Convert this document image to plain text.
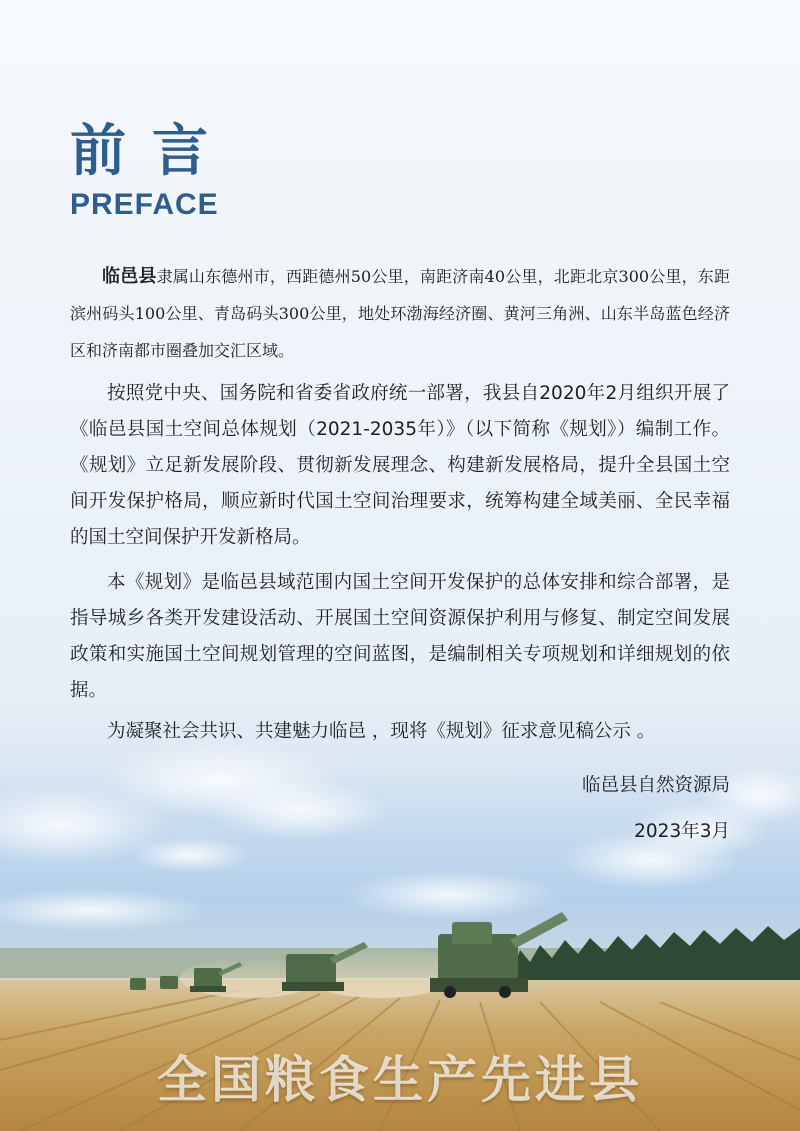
前言
PREFACE

临邑县隶属山东德州市，西距德州50公里，南距济南40公里，北距北京300公里，东距滨州码头100公里、青岛码头300公里，地处环渤海经济圈、黄河三角洲、山东半岛蓝色经济区和济南都市圈叠加交汇区域。

按照党中央、国务院和省委省政府统一部署，我县自2020年2月组织开展了《临邑县国土空间总体规划（2021-2035年）》（以下简称《规划》）编制工作。《规划》立足新发展阶段、贯彻新发展理念、构建新发展格局，提升全县国土空间开发保护格局，顺应新时代国土空间治理要求，统筹构建全域美丽、全民幸福的国土空间保护开发新格局。

本《规划》是临邑县域范围内国土空间开发保护的总体安排和综合部署，是指导城乡各类开发建设活动、开展国土空间资源保护利用与修复、制定空间发展政策和实施国土空间规划管理的空间蓝图，是编制相关专项规划和详细规划的依据。

为凝聚社会共识、共建魅力临邑 ，现将《规划》征求意见稿公示 。

临邑县自然资源局
2023年3月
全国粮食生产先进县
